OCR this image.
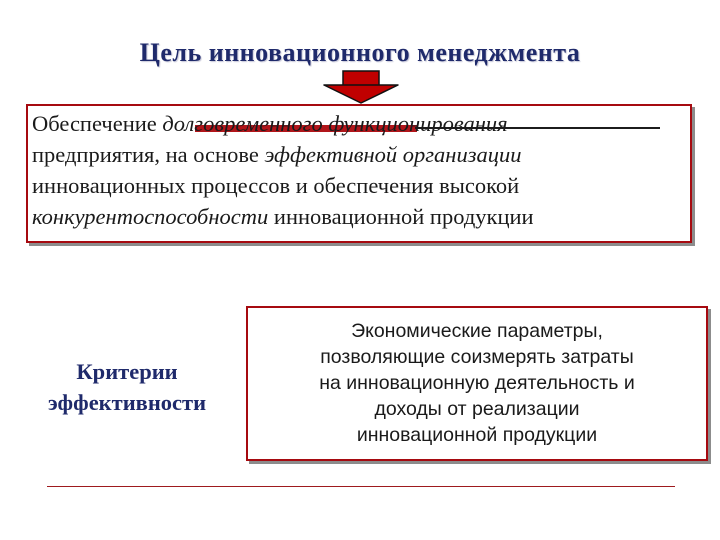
Цель инновационного менеджмента
Обеспечение долговременного функционирования
предприятия, на основе эффективной организации
инновационных процессов и обеспечения высокой
конкурентоспособности инновационной продукции
Критерии
эффективности
Экономические параметры,
позволяющие соизмерять затраты
на инновационную деятельность и
доходы от реализации
инновационной продукции
